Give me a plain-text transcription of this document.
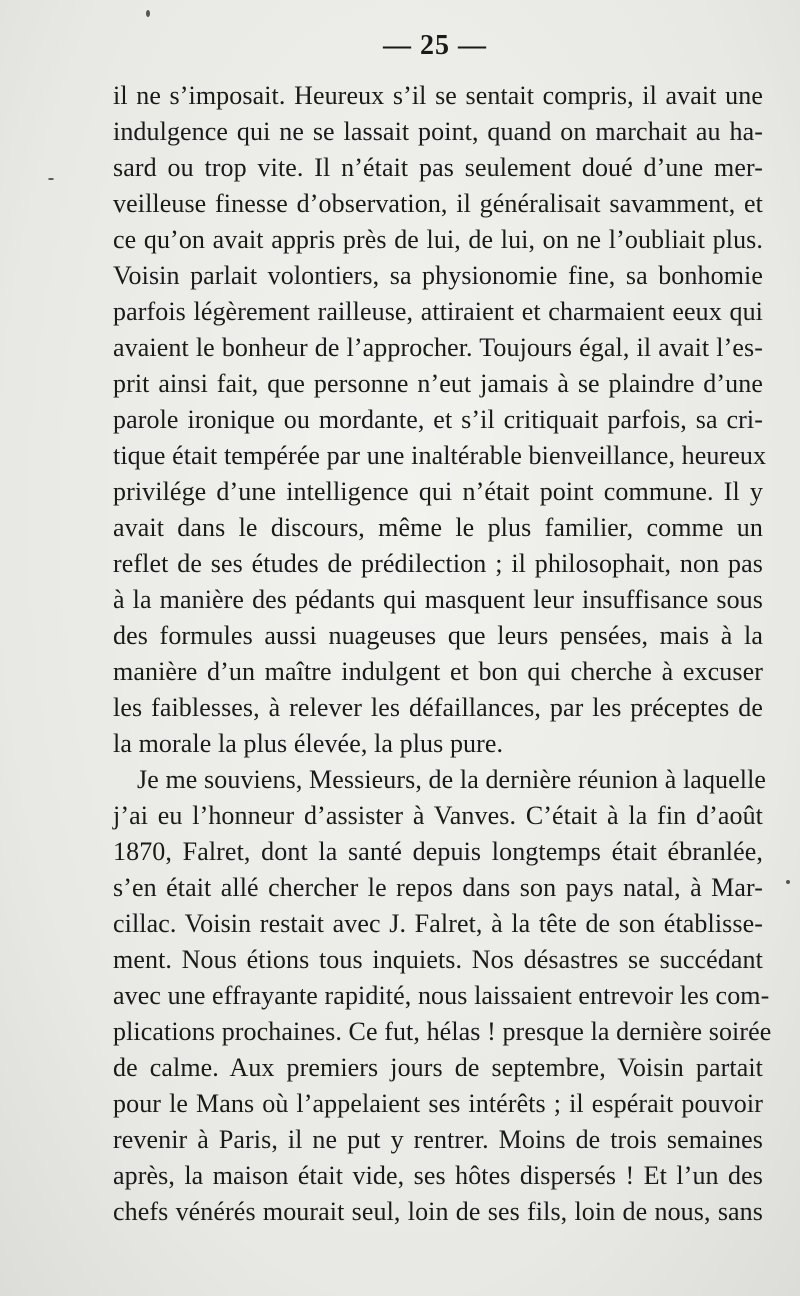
— 25 —
il ne s’imposait. Heureux s’il se sentait compris, il avait une
indulgence qui ne se lassait point, quand on marchait au ha-
sard ou trop vite. Il n’était pas seulement doué d’une mer-
veilleuse finesse d’observation, il généralisait savamment, et
ce qu’on avait appris près de lui, de lui, on ne l’oubliait plus.
Voisin parlait volontiers, sa physionomie fine, sa bonhomie
parfois légèrement railleuse, attiraient et charmaient eeux qui
avaient le bonheur de l’approcher. Toujours égal, il avait l’es-
prit ainsi fait, que personne n’eut jamais à se plaindre d’une
parole ironique ou mordante, et s’il critiquait parfois, sa cri-
tique était tempérée par une inaltérable bienveillance, heureux
privilége d’une intelligence qui n’était point commune. Il y
avait dans le discours, même le plus familier, comme un
reflet de ses études de prédilection ; il philosophait, non pas
à la manière des pédants qui masquent leur insuffisance sous
des formules aussi nuageuses que leurs pensées, mais à la
manière d’un maître indulgent et bon qui cherche à excuser
les faiblesses, à relever les défaillances, par les préceptes de
la morale la plus élevée, la plus pure.
Je me souviens, Messieurs, de la dernière réunion à laquelle
j’ai eu l’honneur d’assister à Vanves. C’était à la fin d’août
1870, Falret, dont la santé depuis longtemps était ébranlée,
s’en était allé chercher le repos dans son pays natal, à Mar-
cillac. Voisin restait avec J. Falret, à la tête de son établisse-
ment. Nous étions tous inquiets. Nos désastres se succédant
avec une effrayante rapidité, nous laissaient entrevoir les com-
plications prochaines. Ce fut, hélas ! presque la dernière soirée
de calme. Aux premiers jours de septembre, Voisin partait
pour le Mans où l’appelaient ses intérêts ; il espérait pouvoir
revenir à Paris, il ne put y rentrer. Moins de trois semaines
après, la maison était vide, ses hôtes dispersés ! Et l’un des
chefs vénérés mourait seul, loin de ses fils, loin de nous, sans
